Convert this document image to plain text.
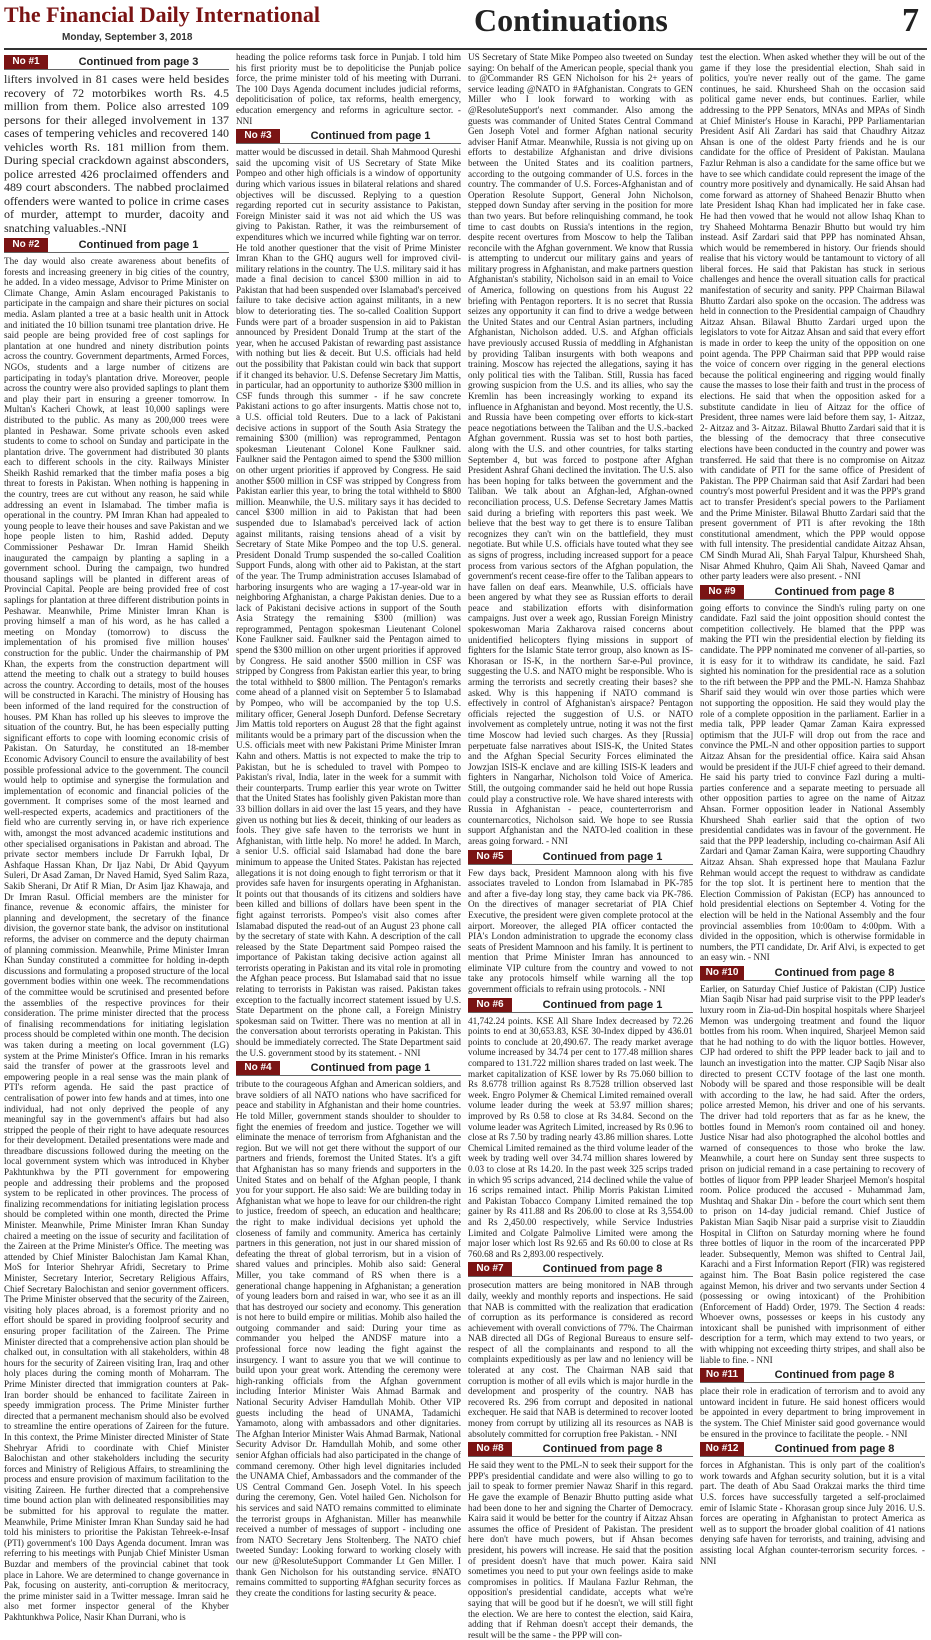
The Financial Daily International
Monday, September 3, 2018	Continuations	7
No #1	Continued from page 3

lifters involved in 81 cases were held besides recovery of 72 motorbikes worth Rs. 4.5 million from them. Police also arrested 109 persons for their alleged involvement in 137 cases of tempering vehicles and recovered 140 vehicles worth Rs. 181 million from them. During special crackdown against absconders, police arrested 426 proclaimed offenders and 489 court absconders. The nabbed proclaimed offenders were wanted to police in crime cases of murder, attempt to murder, dacoity and snatching valuables.-NNI

No #2	Continued from page 1

The day would also create awareness about benefits of forests and increasing greenery in big cities of the country, he added. In a video message, Advisor to Prime Minister on Climate Change, Amin Aslam encouraged Pakistanis to participate in the campaign and share their pictures on social media. Aslam planted a tree at a basic health unit in Attock and initiated the 10 billion tsunami tree plantation drive. He said people are being provided free of cost saplings for plantation at one hundred and ninety distribution points across the country. Government departments, Armed Forces, NGOs, students and a large number of citizens are participating in today's plantation drive. Moreover, people across the country were also provided saplings to plant them and play their part in ensuring a greener tomorrow. In Multan's Kacheri Chowk, at least 10,000 saplings were distributed to the public. As many as 200,000 trees were planted in Peshawar. Some private schools even asked students to come to school on Sunday and participate in the plantation drive. The government had distributed 30 plants each to different schools in the city. Railways Minister Sheikh Rashid remarked that the timber mafia poses a big threat to forests in Pakistan. When nothing is happening in the country, trees are cut without any reason, he said while addressing an event in Islamabad. The timber mafia is operational in the country. PM Imran Khan had appealed to young people to leave their houses and save Pakistan and we hope people listen to him, Rashid added. Deputy Commissioner Peshawar Dr. Imran Hamid Sheikh inaugurated the campaign by planting a sapling in a government school. During the campaign, two hundred thousand saplings will be planted in different areas of Provincial Capital. People are being provided free of cost saplings for plantation at three different distribution points in Peshawar. Meanwhile, Prime Minister Imran Khan is proving himself a man of his word, as he has called a meeting on Monday (tomorrow) to discuss the implementation of his promised five million houses' construction for the public. Under the chairmanship of PM Khan, the experts from the construction department will attend the meeting to chalk out a strategy to build houses across the country. According to details, most of the houses will be constructed in Karachi. The ministry of Housing has been informed of the land required for the construction of houses. PM Khan has rolled up his sleeves to improve the situation of the country. But, he has been especially putting significant efforts to cope with looming economic crisis of Pakistan. On Saturday, he constituted an 18-member Economic Advisory Council to ensure the availability of best possible professional advice to the government. The council would help to optimise and synergise the formulation and implementation of economic and financial policies of the government. It comprises some of the most learned and well-respected experts, academics and practitioners of the field who are currently serving in, or have rich experience with, amongst the most advanced academic institutions and other specialised organisations in Pakistan and abroad. The private sector members include Dr Farrukh Iqbal, Dr Ashfaque Hassan Khan, Dr Ijaz Nabi, Dr Abid Qayyum Suleri, Dr Asad Zaman, Dr Naved Hamid, Syed Salim Raza, Sakib Sherani, Dr Atif R Mian, Dr Asim Ijaz Khawaja, and Dr Imran Rasul. Official members are the minister for finance, revenue & economic affairs, the minister for planning and development, the secretary of the finance division, the governor state bank, the advisor on institutional reforms, the adviser on commerce and the deputy chairman of planning commission. Meanwhile, Prime Minister Imran Khan Sunday constituted a committee for holding in-depth discussions and formulating a proposed structure of the local government bodies within one week. The recommendations of the committee would be scrutinised and presented before the assemblies of the respective provinces for their consideration. The prime minister directed that the process of finalising recommendations for initiating legislation process should be completed within one month. The decision was taken during a meeting on local government (LG) system at the Prime Minister's Office. Imran in his remarks said the transfer of power at the grassroots level and empowering people in a real sense was the main plank of PTI's reform agenda. He said the past practice of centralisation of power into few hands and at times, into one individual, had not only deprived the people of any meaningful say in the government's affairs but had also stripped the people of their right to have adequate resources for their development. Detailed presentations were made and threadbare discussions followed during the meeting on the local government system which was introduced in Khyber Pakhtunkhwa by the PTI government for empowering people and addressing their problems and the proposed system to be replicated in other provinces. The process of finalizing recommendations for initiating legislation process should be completed within one month, directed the Prime Minister. Meanwhile, Prime Minister Imran Khan Sunday chaired a meeting on the issue of security and facilitation of the Zaireen at the Prime Minister's Office. The meeting was attended by Chief Minister Balochistan Jam Kamal Khan, MoS for Interior Shehryar Afridi, Secretary to Prime Minister, Secretary Interior, Secretary Religious Affairs, Chief Secretary Balochistan and senior government officers. The Prime Minister observed that the security of the Zaireen, visiting holy places abroad, is a foremost priority and no effort should be spared in providing foolproof security and ensuring proper facilitation of the Zaireen. The Prime Minister directed that a comprehensive action plan should be chalked out, in consultation with all stakeholders, within 48 hours for the security of Zaireen visiting Iran, Iraq and other holy places during the coming month of Moharram. The Prime Minister directed that immigration counters at Pak-Iran border should be enhanced to facilitate Zaireen in speedy immigration process. The Prime Minister further directed that a permanent mechanism should also be evolved to streamline the entire operations of Zaireen for the future. In this context, the Prime Minister directed Minister of State Shehryar Afridi to coordinate with Chief Minister Balochistan and other stakeholders including the security forces and Ministry of Religious Affairs, to streamlining the process and ensure provision of maximum facilitation to the visiting Zaireen. He further directed that a comprehensive time bound action plan with delineated responsibilities may be submitted for his approval to regulate the matter. Meanwhile, Prime Minister Imran Khan Sunday said he had told his ministers to prioritise the Pakistan Tehreek-e-Insaf (PTI) government's 100 Days Agenda document. Imran was referring to his meetings with Punjab Chief Minister Usman Buzdar and members of the provincial cabinet that took place in Lahore. We are determined to change governance in Pak, focusing on austerity, anti-corruption & meritocracy, the prime minister said in a Twitter message. Imran said he also met former inspector general of the Khyber Pakhtunkhwa Police, Nasir Khan Durrani, who is

heading the police reforms task force in Punjab. I told him his first priority must be to depoliticise the Punjab police force, the prime minister told of his meeting with Durrani. The 100 Days Agenda document includes judicial reforms, depoliticisation of police, tax reforms, health emergency, education emergency and reforms in agriculture sector. - NNI

No #3	Continued from page 1

matter would be discussed in detail. Shah Mahmood Qureshi said the upcoming visit of US Secretary of State Mike Pompeo and other high officials is a window of opportunity during which various issues in bilateral relations and shared objectives will be discussed. Replying to a question regarding reported cut in security assistance to Pakistan, Foreign Minister said it was not aid which the US was giving to Pakistan. Rather, it was the reimbursement of expenditures which we incurred while fighting war on terror. He told another questioner that the visit of Prime Minister Imran Khan to the GHQ augurs well for improved civil-military relations in the country. The U.S. military said it has made a final decision to cancel $300 million in aid to Pakistan that had been suspended over Islamabad's perceived failure to take decisive action against militants, in a new blow to deteriorating ties. The so-called Coalition Support Funds were part of a broader suspension in aid to Pakistan announced by President Donald Trump at the start of the year, when he accused Pakistan of rewarding past assistance with nothing but lies & deceit. But U.S. officials had held out the possibility that Pakistan could win back that support if it changed its behavior. U.S. Defense Secretary Jim Mattis, in particular, had an opportunity to authorize $300 million in CSF funds through this summer - if he saw concrete Pakistani actions to go after insurgents. Mattis chose not to, a U.S. official told Reuters. Due to a lack of Pakistani decisive actions in support of the South Asia Strategy the remaining $300 (million) was reprogrammed, Pentagon spokesman Lieutenant Colonel Kone Faulkner said. Faulkner said the Pentagon aimed to spend the $300 million on other urgent priorities if approved by Congress. He said another $500 million in CSF was stripped by Congress from Pakistan earlier this year, to bring the total withheld to $800 million. Meanwhile, the U.S. military says it has decided to cancel $300 million in aid to Pakistan that had been suspended due to Islamabad's perceived lack of action against militants, raising tensions ahead of a visit by Secretary of State Mike Pompeo and the top U.S. general. President Donald Trump suspended the so-called Coalition Support Funds, along with other aid to Pakistan, at the start of the year. The Trump administration accuses Islamabad of harboring insurgents who are waging a 17-year-old war in neighboring Afghanistan, a charge Pakistan denies. Due to a lack of Pakistani decisive actions in support of the South Asia Strategy the remaining $300 (million) was reprogrammed, Pentagon spokesman Lieutenant Colonel Kone Faulkner said. Faulkner said the Pentagon aimed to spend the $300 million on other urgent priorities if approved by Congress. He said another $500 million in CSF was stripped by Congress from Pakistan earlier this year, to bring the total withheld to $800 million. The Pentagon's remarks come ahead of a planned visit on September 5 to Islamabad by Pompeo, who will be accompanied by the top U.S. military officer, General Joseph Dunford. Defense Secretary Jim Mattis told reporters on August 28 that the fight against militants would be a primary part of the discussion when the U.S. officials meet with new Pakistani Prime Minister Imran Kahn and others. Mattis is not expected to make the trip to Pakistan, but he is scheduled to travel with Pompeo to Pakistan's rival, India, later in the week for a summit with their counterparts. Trump earlier this year wrote on Twitter that the United States has foolishly given Pakistan more than 33 billion dollars in aid over the last 15 years, and they have given us nothing but lies & deceit, thinking of our leaders as fools. They give safe haven to the terrorists we hunt in Afghanistan, with little help. No more! he added. In March, a senior U.S. official said Islamabad had done the bare minimum to appease the United States. Pakistan has rejected allegations it is not doing enough to fight terrorism or that it provides safe haven for insurgents operating in Afghanistan. It points out that thousands of its citizens and soldiers have been killed and billions of dollars have been spent in the fight against terrorists. Pompeo's visit also comes after Islamabad disputed the read-out of an August 23 phone call by the secretary of state with Kahn. A description of the call released by the State Department said Pompeo raised the importance of Pakistan taking decisive action against all terrorists operating in Pakistan and its vital role in promoting the Afghan peace process. But Islamabad said that no issue relating to terrorists in Pakistan was raised. Pakistan takes exception to the factually incorrect statement issued by U.S. State Department on the phone call, a Foreign Ministry spokesman said on Twitter. There was no mention at all in the conversation about terrorists operating in Pakistan. This should be immediately corrected. The State Department said the U.S. government stood by its statement. - NNI

No #4	Continued from page 1

tribute to the courageous Afghan and American soldiers, and brave soldiers of all NATO nations who have sacrificed for peace and stability in Afghanistan and their home countries. He told Miller, government stands shoulder to shoulder to fight the enemies of freedom and justice. Together we will eliminate the menace of terrorism from Afghanistan and the region. But we will not get there without the support of our partners and friends, foremost the United States. It's a gift that Afghanistan has so many friends and supporters in the United States and on behalf of the Afghan people, I thank you for your support. He also said: We are building today in Afghanistan what we hope to leave for our children-the right to justice, freedom of speech, an education and healthcare; the right to make individual decisions yet uphold the closeness of family and community. America has certainly partners in this generation, not just in our shared mission of defeating the threat of global terrorism, but in a vision of shared values and principles. Mohib also said: General Miller, you take command of RS when there is a generational change happening in Afghanistan; a generation of young leaders born and raised in war, who see it as an ill that has destroyed our society and economy. This generation is not here to build empire or militias. Mohib also hailed the outgoing commander and said: During your time as commander you helped the ANDSF mature into a professional force now leading the fight against the insurgency. I want to assure you that we will continue to build upon your great work. Attending the ceremony were high-ranking officials from the Afghan government including Interior Minister Wais Ahmad Barmak and National Security Adviser Hamdullah Mohib. Other VIP guests including the head of UNAMA, Tadamichi Yamamoto, along with ambassadors and other dignitaries. The Afghan Interior Minister Wais Ahmad Barmak, National Security Advisor Dr. Hamdullah Mohib, and some other senior Afghan officials had also participated in the change of command ceremony. Other high level dignitaries included the UNAMA Chief, Ambassadors and the commander of the US Central Command Gen. Joseph Votel. In his speech during the ceremony, Gen. Votel hailed Gen. Nicholson for his services and said NATO remains committed to eliminate the terrorist groups in Afghanistan. Miller has meanwhile received a number of messages of support - including one from NATO Secretary Jens Stoltenberg. The NATO chief tweeted Sunday: Looking forward to working closely with our new @ResoluteSupport Commander Lt Gen Miller. I thank Gen Nicholson for his outstanding service. #NATO remains committed to supporting #Afghan security forces as they create the conditions for lasting security & peace.

US Secretary of State Mike Pompeo also tweeted on Sunday saying: On behalf of the American people, special thank you to @Commander RS GEN Nicholson for his 2+ years of service leading @NATO in #Afghanistan. Congrats to GEN Miller who I look forward to working with as @ResoluteSupport's next commander. Also among the guests was commander of United States Central Command Gen Joseph Votel and former Afghan national security adviser Hanif Atmar. Meanwhile, Russia is not giving up on efforts to destabilize Afghanistan and drive divisions between the United States and its coalition partners, according to the outgoing commander of U.S. forces in the country. The commander of U.S. Forces-Afghanistan and of Operation Resolute Support, General John Nicholson, stepped down Sunday after serving in the position for more than two years. But before relinquishing command, he took time to cast doubts on Russia's intentions in the region, despite recent overtures from Moscow to help the Taliban reconcile with the Afghan government. We know that Russia is attempting to undercut our military gains and years of military progress in Afghanistan, and make partners question Afghanistan's stability, Nicholson said in an email to Voice of America, following on questions from his August 22 briefing with Pentagon reporters. It is no secret that Russia seizes any opportunity it can find to drive a wedge between the United States and our Central Asian partners, including Afghanistan, Nicholson added. U.S. and Afghan officials have previously accused Russia of meddling in Afghanistan by providing Taliban insurgents with both weapons and training. Moscow has rejected the allegations, saying it has only political ties with the Taliban. Still, Russia has faced growing suspicion from the U.S. and its allies, who say the Kremlin has been increasingly working to expand its influence in Afghanistan and beyond. Most recently, the U.S. and Russia have been competing over efforts to kick-start peace negotiations between the Taliban and the U.S.-backed Afghan government. Russia was set to host both parties, along with the U.S. and other countries, for talks starting September 4, but was forced to postpone after Afghan President Ashraf Ghani declined the invitation. The U.S. also has been hoping for talks between the government and the Taliban. We talk about an Afghan-led, Afghan-owned reconciliation process, U.S. Defense Secretary James Mattis said during a briefing with reporters this past week. We believe that the best way to get there is to ensure Taliban recognizes they can't win on the battlefield, they must negotiate. But while U.S. officials have touted what they see as signs of progress, including increased support for a peace process from various sectors of the Afghan population, the government's recent cease-fire offer to the Taliban appears to have fallen on deaf ears. Meanwhile, U.S. officials have been angered by what they see as Russian efforts to derail peace and stabilization efforts with disinformation campaigns. Just over a week ago, Russian Foreign Ministry spokeswoman Maria Zakharova raised concerns about unidentified helicopters flying missions in support of fighters for the Islamic State terror group, also known as IS-Khorasan or IS-K, in the northern Sar-e-Pul province, suggesting the U.S. and NATO might be responsible. Who is arming the terrorists and secretly creating their bases? she asked. Why is this happening if NATO command is effectively in control of Afghanistan's airspace? Pentagon officials rejected the suggestion of U.S. or NATO involvement as completely untrue, noting it was not the first time Moscow had levied such charges. As they [Russia] perpetuate false narratives about ISIS-K, the United States and the Afghan Special Security Forces eliminated the Jowzjan ISIS-K enclave and are killing ISIS-K leaders and fighters in Nangarhar, Nicholson told Voice of America. Still, the outgoing commander said he held out hope Russia could play a constructive role. We have shared interests with Russia in Afghanistan - peace, counterterrorism and counternarcotics, Nicholson said. We hope to see Russia support Afghanistan and the NATO-led coalition in these areas going forward. - NNI

No #5	Continued from page 1

Few days back, President Mamnoon along with his five associates traveled to London from Islamabad in PK-785 and after a five-day long stay, they came back via PK-786. On the directives of manager secretariat of PIA Chief Executive, the president were given complete protocol at the airport. Moreover, the alleged PIA officer contacted the PIA's London administration to upgrade the economy class seats of President Mamnoon and his family. It is pertinent to mention that Prime Minister Imran has announced to eliminate VIP culture from the country and vowed to not take any protocols himself while warning all the top government officials to refrain using protocols. - NNI

No #6	Continued from page 1

41,742.24 points. KSE All Share Index decreased by 72.26 points to end at 30,653.83, KSE 30-Index dipped by 436.01 points to conclude at 20,490.67. The ready market average volume increased by 34.74 per cent to 177.48 million shares compared to 131.722 million shares traded on last week. The market capitalization of KSE lower by Rs 75.060 billion to Rs 8.6778 trillion against Rs 8.7528 trillion observed last week. Engro Polymer & Chemical Limited remained overall volume leader during the week at 53.97 million shares; improved by Rs 0.58 to close at Rs 34.84. Second on the volume leader was Agritech Limited, increased by Rs 0.96 to close at Rs 7.50 by trading nearly 43.86 million shares. Lotte Chemical Limited remained as the third volume leader of the week by trading well over 34.74 million shares lowered by 0.03 to close at Rs 14.20. In the past week 325 scrips traded in which 95 scrips advanced, 214 declined while the value of 16 scrips remained intact. Philip Morris Pakistan Limited and Pakistan Tobacco Company Limited remained the top gainer by Rs 411.88 and Rs 206.00 to close at Rs 3,554.00 and Rs 2,450.00 respectively, while Service Industries Limited and Colgate Palmolive Limited were among the major loser which lost Rs 92.65 and Rs 60.00 to close at Rs 760.68 and Rs 2,893.00 respectively.

No #7	Continued from page 8

prosecution matters are being monitored in NAB through daily, weekly and monthly reports and inspections. He said that NAB is committed with the realization that eradication of corruption as its performance is considered as record achievement with overall convictions of 77%. The Chairman NAB directed all DGs of Regional Bureaus to ensure self-respect of all the complainants and respond to all the complaints expeditiously as per law and no leniency will be tolerated at any cost. The Chairman NAB said that corruption is mother of all evils which is major hurdle in the development and prosperity of the country. NAB has recovered Rs. 296 from corrupt and deposited in national exchequer. He said that NAB is determined to recover looted money from corrupt by utilizing all its resources as NAB is absolutely committed for corruption free Pakistan. - NNI

No #8	Continued from page 8

He said they went to the PML-N to seek their support for the PPP's presidential candidate and were also willing to go to jail to speak to former premier Nawaz Sharif in this regard. He gave the example of Benazir Bhutto putting aside what had been done to her and signing the Charter of Democracy. Kaira said it would be better for the country if Aitzaz Ahsan assumes the office of President of Pakistan. The president here don't have much powers, but if Ahsan becomes president, his powers will increase. He said that the position of president doesn't have that much power. Kaira said sometimes you need to put your own feelings aside to make compromises in politics. If Maulana Fazlur Rehman, the opposition's presidential candidate, accepts what we're saying that will be good but if he doesn't, we will still fight the election. We are here to contest the election, said Kaira, adding that if Rehman doesn't accept their demands, the result will be the same - the PPP will con-

test the election. When asked whether they will be out of the game if they lose the presidential election, Shah said in politics, you're never really out of the game. The game continues, he said. Khursheed Shah on the occasion said political game never ends, but continues. Earlier, while addressing to the PPP Senators, MNAs and MPAs of Sindh at Chief Minister's House in Karachi, PPP Parliamentarian President Asif Ali Zardari has said that Chaudhry Aitzaz Ahsan is one of the oldest Party friends and he is our candidate for the office of President of Pakistan. Maulana Fazlur Rehman is also a candidate for the same office but we have to see which candidate could represent the image of the country more positively and dynamically. He said Ahsan had come forward as attorney of Shaheed Benazir Bhutto when late President Ishaq Khan had implicated her in fake case. He had then vowed that he would not allow Ishaq Khan to try Shaheed Mohtarma Benazir Bhutto but would try him instead. Asif Zardari said that PPP has nominated Ahsan, which would be remembered in history. Our friends should realise that his victory would be tantamount to victory of all liberal forces. He said that Pakistan has stuck in serious challenges and hence the overall situation calls for practical manifestation of security and sanity. PPP Chairman Bilawal Bhutto Zardari also spoke on the occasion. The address was held in connection to the Presidential campaign of Chaudhry Aitzaz Ahsan. Bilawal Bhutto Zardari urged upon the legislators to vote for Aitzaz Ahsan and said that every effort is made in order to keep the unity of the opposition on one point agenda. The PPP Chairman said that PPP would raise the voice of concern over rigging in the general elections because the political engineering and rigging would finally cause the masses to lose their faith and trust in the process of elections. He said that when the opposition asked for a substitute candidate in lieu of Aitzaz for the office of President, three names were laid before them say, 1- Aitzaz, 2- Aitzaz and 3- Aitzaz. Bilawal Bhutto Zardari said that it is the blessing of the democracy that three consecutive elections have been conducted in the country and power was transferred. He said that there is no compromise on Aitzaz with candidate of PTI for the same office of President of Pakistan. The PPP Chairman said that Asif Zardari had been country's most powerful President and it was the PPP's grand act to transfer President's special powers to the Parliament and the Prime Minister. Bilawal Bhutto Zardari said that the present government of PTI is after revoking the 18th constitutional amendment, which the PPP would oppose with full intensity. The presidential candidate Aitzaz Ahsan, CM Sindh Murad Ali, Shah Faryal Talpur, Khursheed Shah, Nisar Ahmed Khuhro, Qaim Ali Shah, Naveed Qamar and other party leaders were also present. - NNI

No #9	Continued from page 8

going efforts to convince the Sindh's ruling party on one candidate. Fazl said the joint opposition should contest the competition collectively. He blamed that the PPP was making the PTI win the presidential election by fielding its candidate. The PPP nominated me convener of all-parties, so it is easy for it to withdraw its candidate, he said. Fazl sighted his nomination for the presidential race as a solution to the rift between the PPP and the PML-N. Hamza Shahbaz Sharif said they would win over those parties which were not supporting the opposition. He said they would play the role of a complete opposition in the parliament. Earlier in a media talk, PPP leader Qamar Zaman Kaira expressed optimism that the JUI-F will drop out from the race and convince the PML-N and other opposition parties to support Aitzaz Ahsan for the presidential office. Kaira said Ahsan would be president if the JUI-F chief agreed to their demand. He said his party tried to convince Fazl during a multi-parties conference and a separate meeting to persuade all other opposition parties to agree on the name of Aitzaz Ahsan. Former opposition leader in National Assembly Khursheed Shah earlier said that the option of two presidential candidates was in favour of the government. He said that the PPP leadership, including co-chairman Asif Ali Zardari and Qamar Zaman Kaira, were supporting Chaudhry Aitzaz Ahsan. Shah expressed hope that Maulana Fazlur Rehman would accept the request to withdraw as candidate for the top slot. It is pertinent here to mention that the Election Commission of Pakistan (ECP) has announced to hold presidential elections on September 4. Voting for the election will be held in the National Assembly and the four provincial assemblies from 10:00am to 4:00pm. With a divided in the opposition, which is otherwise formidable in numbers, the PTI candidate, Dr. Arif Alvi, is expected to get an easy win. - NNI

No #10	Continued from page 8

Earlier, on Saturday Chief Justice of Pakistan (CJP) Justice Mian Saqib Nisar had paid surprise visit to the PPP leader's luxury room in Zia-ud-Din hospital hospitals where Sharjeel Memon was undergoing treatment and found the liquor bottles from his room. When inquired, Sharjeel Memon said that he had nothing to do with the liquor bottles. However, CJP had ordered to shift the PPP leader back to jail and to launch an investigation into the matter. CJP Saqib Nisar also directed to present CCTV footage of the last one month. Nobody will be spared and those responsible will be dealt with according to the law, he had said. After the orders, police arrested Memon, his driver and one of his servants. The driver had told reporters that as far as he knew, the bottles found in Memon's room contained oil and honey. Justice Nisar had also photographed the alcohol bottles and warned of consequences to those who broke the law. Meanwhile, a court here on Sunday sent three suspects to prison on judicial remand in a case pertaining to recovery of bottles of liquor from PPP leader Sharjeel Memon's hospital room. Police produced the accused - Muhammad Jam, Mushtaq and Shakar Din - before the court which sent them to prison on 14-day judicial remand. Chief Justice of Pakistan Mian Saqib Nisar paid a surprise visit to Ziauddin Hospital in Clifton on Saturday morning where he found three bottles of liquor in the room of the incarcerated PPP leader. Subsequently, Memon was shifted to Central Jail, Karachi and a First Information Report (FIR) was registered against him. The Boat Basin police registered the case against Memon, his driver and two servants under Section 4 (possessing or owing intoxicant) of the Prohibition (Enforcement of Hadd) Order, 1979. The Section 4 reads: Whoever owns, possesses or keeps in his custody any intoxicant shall be punished with imprisonment of either description for a term, which may extend to two years, or with whipping not exceeding thirty stripes, and shall also be liable to fine. - NNI

No #11	Continued from page 8

place their role in eradication of terrorism and to avoid any untoward incident in future. He said honest officers would be appointed in every department to bring improvement in the system. The Chief Minister said good governance would be ensured in the province to facilitate the people. - NNI

No #12	Continued from page 8

forces in Afghanistan. This is only part of the coalition's work towards and Afghan security solution, but it is a vital part. The death of Abu Saad Orakzai marks the third time U.S. forces have successfully targeted a self-proclaimed emir of Islamic State - Khorasan group since July 2016. U.S. forces are operating in Afghanistan to protect America as well as to support the broader global coalition of 41 nations denying safe haven for terrorists, and training, advising and assisting local Afghan counter-terrorism security forces. - NNI
